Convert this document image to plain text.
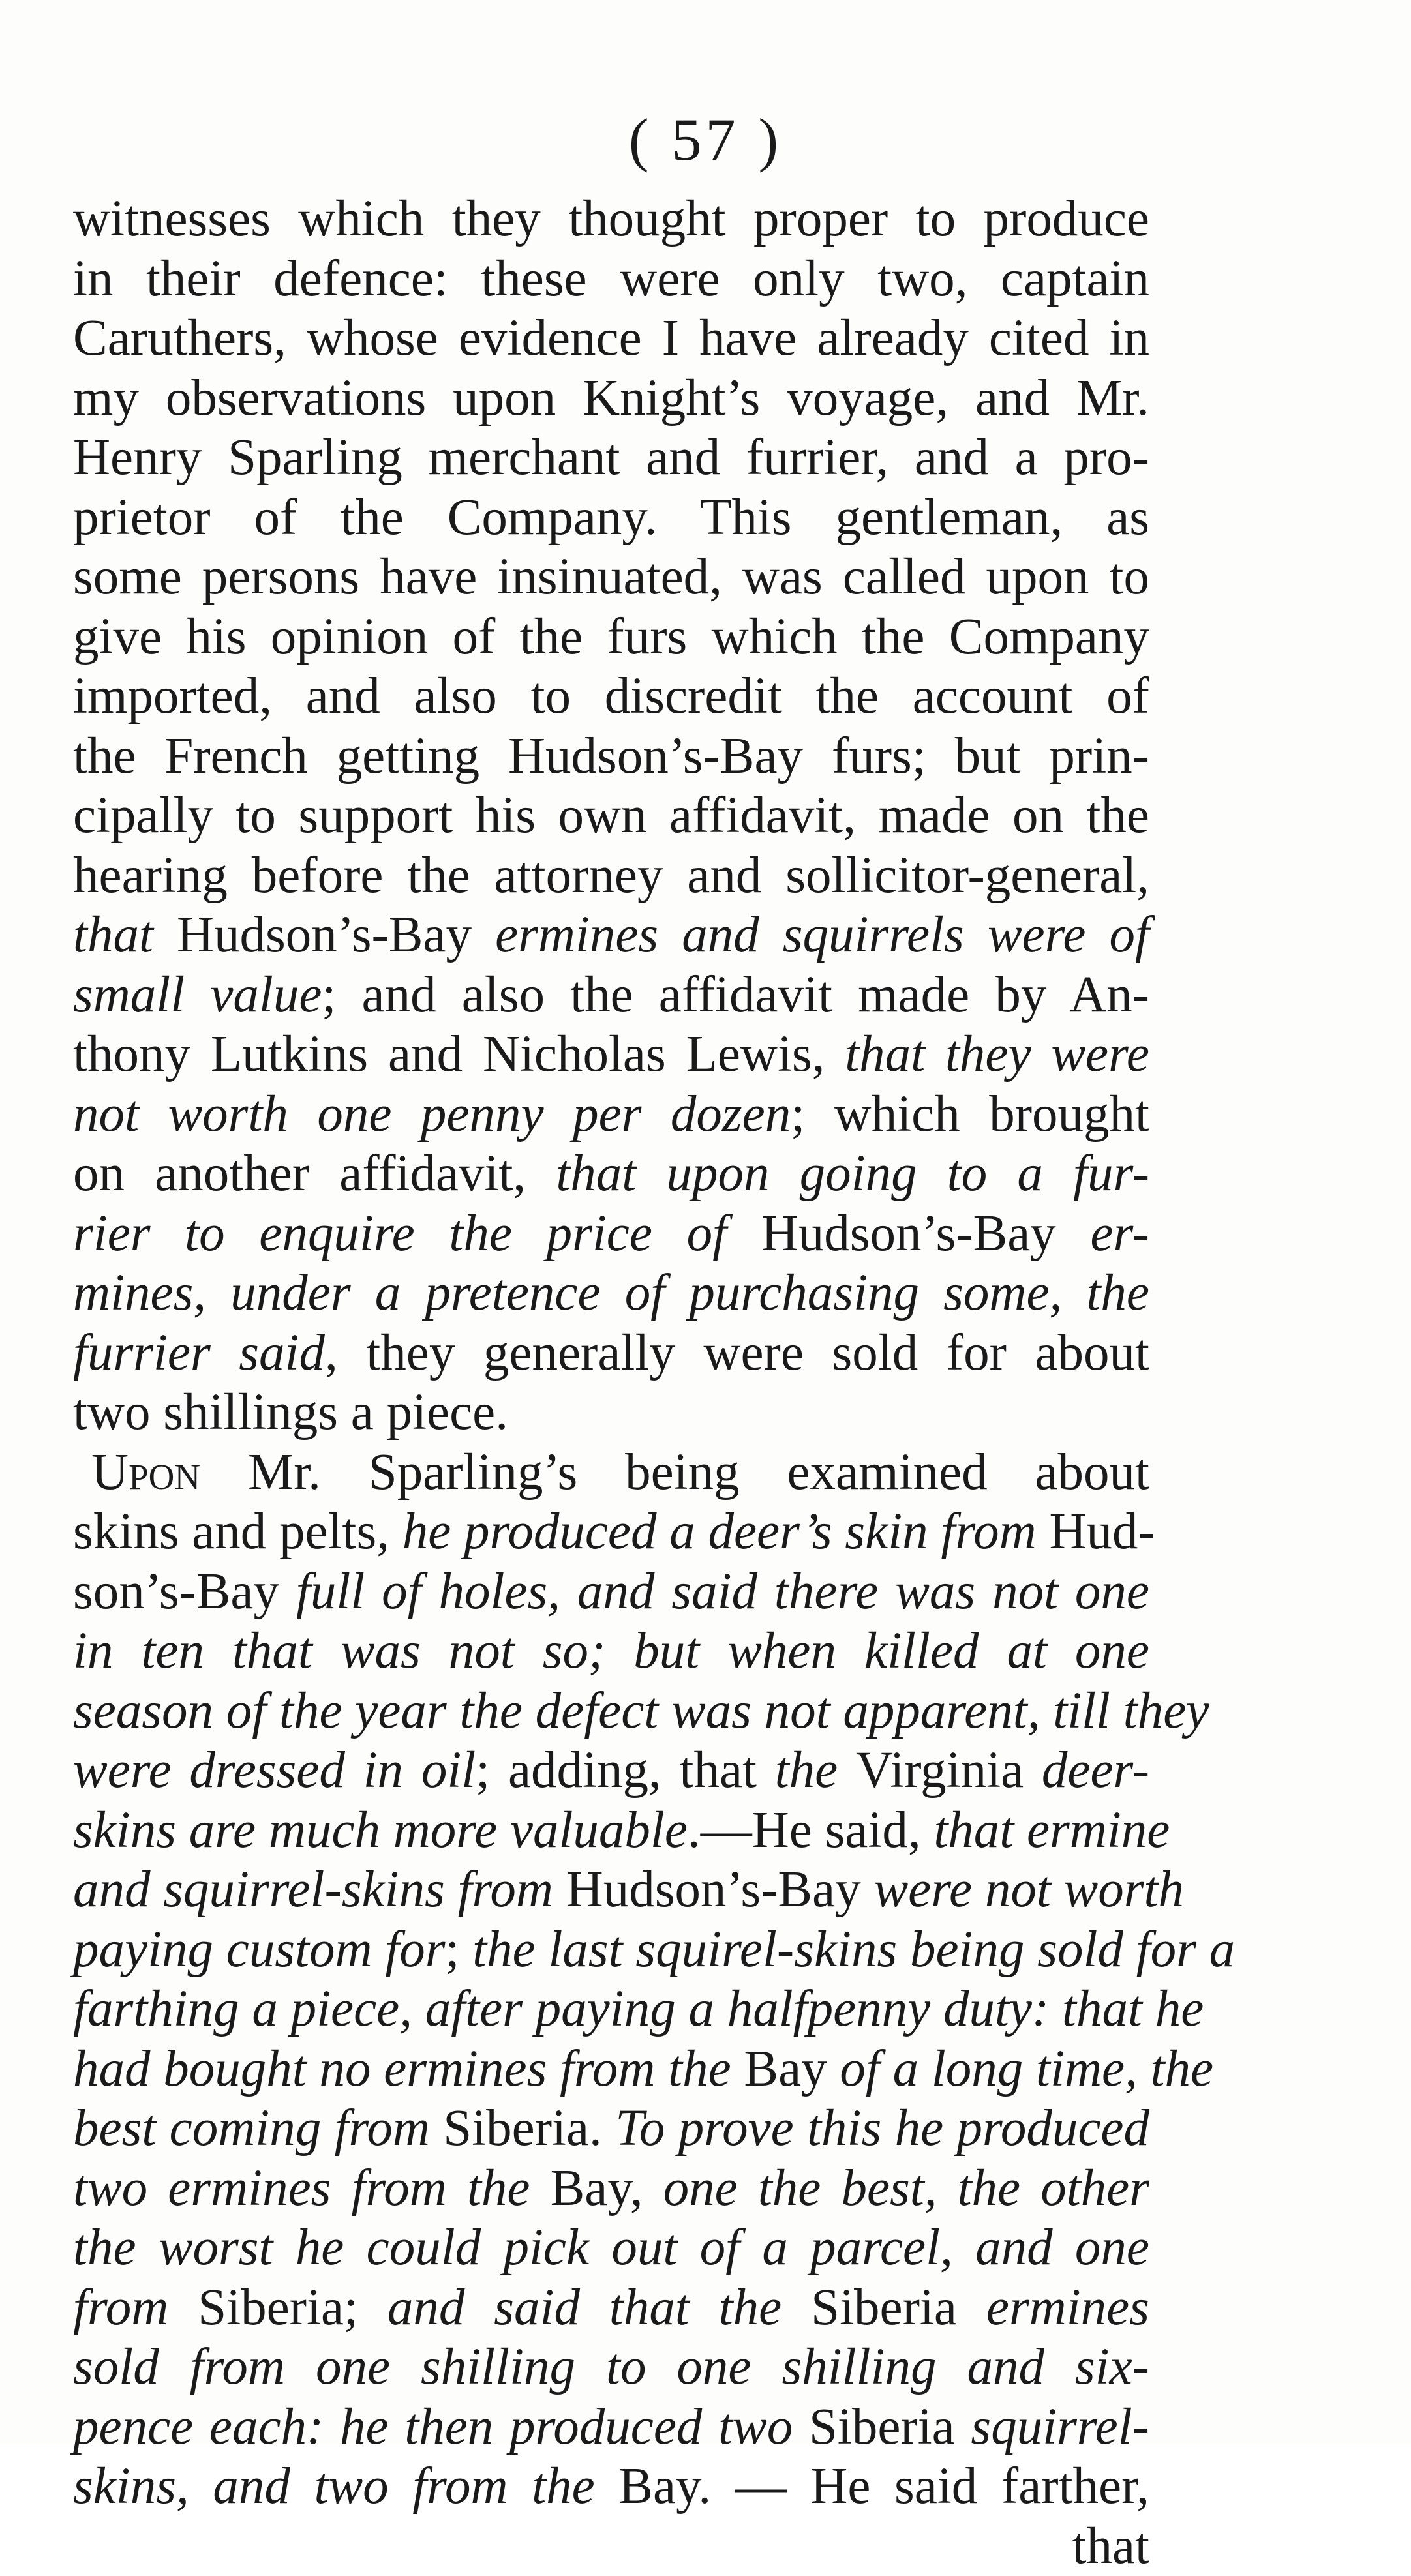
( 57 )
witnesses which they thought proper to produce
in their defence: these were only two, captain
Caruthers, whose evidence I have already cited in
my observations upon Knight’s voyage, and Mr.
Henry Sparling merchant and furrier, and a pro-
prietor of the Company. This gentleman, as
some persons have insinuated, was called upon to
give his opinion of the furs which the Company
imported, and also to discredit the account of
the French getting Hudson’s-Bay furs; but prin-
cipally to support his own affidavit, made on the
hearing before the attorney and sollicitor-general,
that Hudson’s-Bay ermines and squirrels were of
small value; and also the affidavit made by An-
thony Lutkins and Nicholas Lewis, that they were
not worth one penny per dozen; which brought
on another affidavit, that upon going to a fur-
rier to enquire the price of Hudson’s-Bay er-
mines, under a pretence of purchasing some, the
furrier said, they generally were sold for about
two shillings a piece.
Upon Mr. Sparling’s being examined about
skins and pelts, he produced a deer’s skin from Hud-
son’s-Bay full of holes, and said there was not one
in ten that was not so; but when killed at one
season of the year the defect was not apparent, till they
were dressed in oil; adding, that the Virginia deer-
skins are much more valuable.—He said, that ermine
and squirrel-skins from Hudson’s-Bay were not worth
paying custom for; the last squirel-skins being sold for a
farthing a piece, after paying a halfpenny duty: that he
had bought no ermines from the Bay of a long time, the
best coming from Siberia. To prove this he produced
two ermines from the Bay, one the best, the other
the worst he could pick out of a parcel, and one
from Siberia; and said that the Siberia ermines
sold from one shilling to one shilling and six-
pence each: he then produced two Siberia squirrel-
skins, and two from the Bay. — He said farther,
that
